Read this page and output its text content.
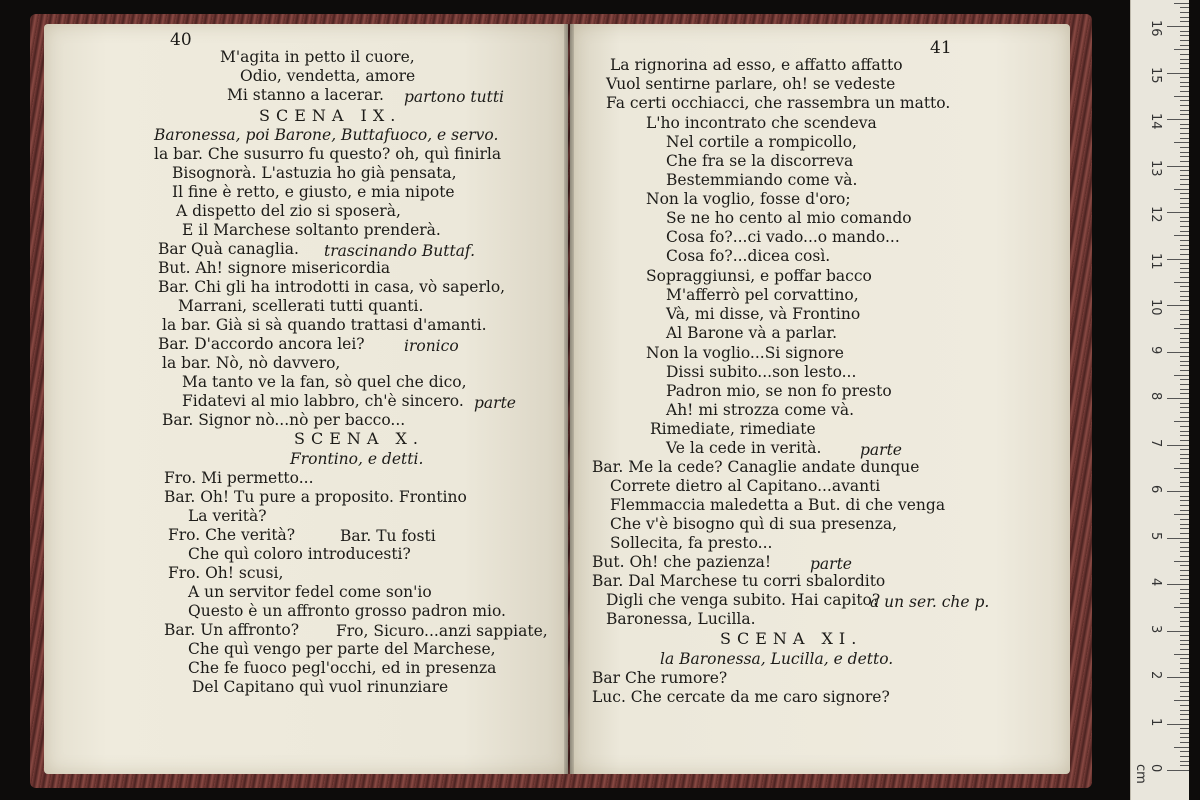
40
M'agita in petto il cuore,
Odio, vendetta, amore
Mi stanno a lacerar. partono tutti
SCENA IX.
Baronessa, poi Barone, Buttafuoco, e servo.
la bar. Che susurro fu questo? oh, quì finirla
Bisognorà. L'astuzia ho già pensata,
Il fine è retto, e giusto, e mia nipote
A dispetto del zio si sposerà,
E il Marchese soltanto prenderà.
Bar Quà canaglia. trascinando Buttaf.
But. Ah! signore misericordia
Bar. Chi gli ha introdotti in casa, vò saperlo,
Marrani, scellerati tutti quanti.
la bar. Già si sà quando trattasi d'amanti.
Bar. D'accordo ancora lei?	ironico
la bar. Nò, nò davvero,
Ma tanto ve la fan, sò quel che dico,
Fidatevi al mio labbro, ch'è sincero. parte
Bar. Signor nò...nò per bacco...
SCENA X.
Frontino, e detti.
Fro. Mi permetto...
Bar. Oh! Tu pure a proposito. Frontino
La verità?
Fro. Che verità?	Bar. Tu fosti
Che quì coloro introducesti?
Fro. Oh! scusi,
A un servitor fedel come son'io
Questo è un affronto grosso padron mio.
Bar. Un affronto? Fro, Sicuro...anzi sappiate,
Che quì vengo per parte del Marchese,
Che fe fuoco pegl'occhi, ed in presenza
Del Capitano quì vuol rinunziare
41
La rignorina ad esso, e affatto affatto
Vuol sentirne parlare, oh! se vedeste
Fa certi occhiacci, che rassembra un matto.
L'ho incontrato che scendeva
Nel cortile a rompicollo,
Che fra se la discorreva
Bestemmiando come và.
Non la voglio, fosse d'oro;
Se ne ho cento al mio comando
Cosa fo?...ci vado...o mando...
Cosa fo?...dicea così.
Sopraggiunsi, e poffar bacco
M'afferrò pel corvattino,
Và, mi disse, và Frontino
Al Barone và a parlar.
Non la voglio...Si signore
Dissi subito...son lesto...
Padron mio, se non fo presto
Ah! mi strozza come và.
Rimediate, rimediate
Ve la cede in verità. parte
Bar. Me la cede? Canaglie andate dunque
Correte dietro al Capitano...avanti
Flemmaccia maledetta a But. di che venga
Che v'è bisogno quì di sua presenza,
Sollecita, fa presto...
But. Oh! che pazienza!	parte
Bar. Dal Marchese tu corri sbalordito
Digli che venga subito. Hai capito?
a un ser. che p.
Baronessa, Lucilla.
SCENA XI.
la Baronessa, Lucilla, e detto.
Bar Che rumore?
Luc. Che cercate da me caro signore?
0 cm
1
2
3
4
5
6
7
8
9
10
11
12
13
14
15
16
